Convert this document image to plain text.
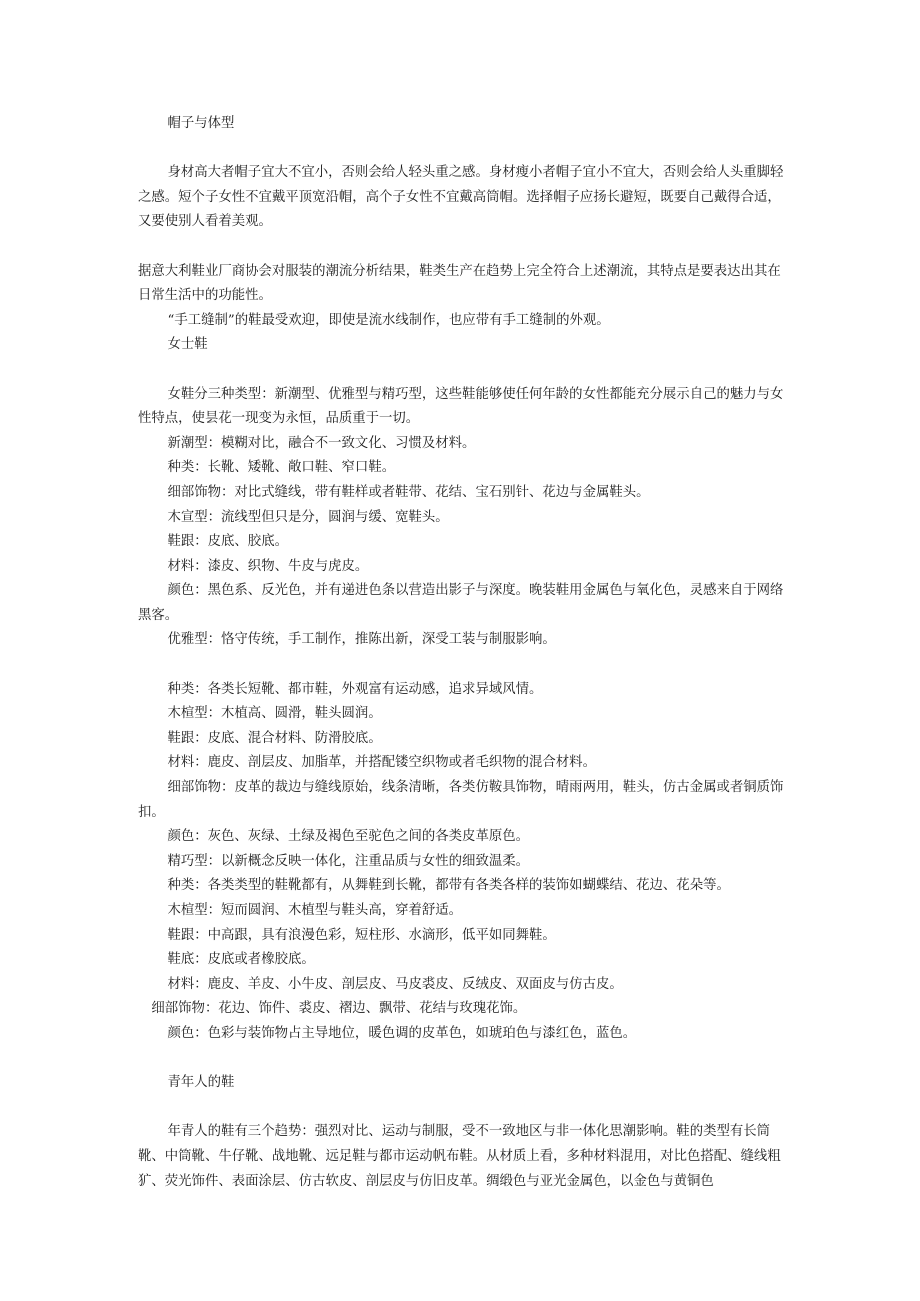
帽子与体型

身材高大者帽子宜大不宜小，否则会给人轻头重之感。身材瘦小者帽子宜小不宜大，否则会给人头重脚轻之感。短个子女性不宜戴平顶宽沿帽，高个子女性不宜戴高筒帽。选择帽子应扬长避短，既要自己戴得合适，又要使别人看着美观。

据意大利鞋业厂商协会对服装的潮流分析结果，鞋类生产在趋势上完全符合上述潮流，其特点是要表达出其在日常生活中的功能性。

“手工缝制”的鞋最受欢迎，即使是流水线制作，也应带有手工缝制的外观。

女士鞋

女鞋分三种类型：新潮型、优雅型与精巧型，这些鞋能够使任何年龄的女性都能充分展示自己的魅力与女性特点，使昙花一现变为永恒，品质重于一切。

新潮型：模糊对比，融合不一致文化、习惯及材料。

种类：长靴、矮靴、敞口鞋、窄口鞋。

细部饰物：对比式缝线，带有鞋样或者鞋带、花结、宝石别针、花边与金属鞋头。

木宣型：流线型但只是分，圆润与缓、宽鞋头。

鞋跟：皮底、胶底。

材料：漆皮、织物、牛皮与虎皮。

颜色：黑色系、反光色，并有递进色条以营造出影子与深度。晚装鞋用金属色与氧化色，灵感来自于网络黑客。

优雅型：恪守传统，手工制作，推陈出新，深受工装与制服影响。

种类：各类长短靴、都市鞋，外观富有运动感，追求异域风情。

木楦型：木植高、圆滑，鞋头圆润。

鞋跟：皮底、混合材料、防滑胶底。

材料：鹿皮、剖层皮、加脂革，并搭配镂空织物或者毛织物的混合材料。

细部饰物：皮革的裁边与缝线原始，线条清晰，各类仿鞍具饰物，晴雨两用，鞋头，仿古金属或者铜质饰扣。

颜色：灰色、灰绿、土绿及褐色至驼色之间的各类皮革原色。

精巧型：以新概念反映一体化，注重品质与女性的细致温柔。

种类：各类类型的鞋靴都有，从舞鞋到长靴，都带有各类各样的装饰如蝴蝶结、花边、花朵等。

木楦型：短而圆润、木植型与鞋头高，穿着舒适。

鞋跟：中高跟，具有浪漫色彩，短柱形、水滴形，低平如同舞鞋。

鞋底：皮底或者橡胶底。

材料：鹿皮、羊皮、小牛皮、剖层皮、马皮裘皮、反绒皮、双面皮与仿古皮。

细部饰物：花边、饰件、裘皮、褶边、飘带、花结与玫瑰花饰。

颜色：色彩与装饰物占主导地位，暖色调的皮革色，如琥珀色与漆红色，蓝色。

青年人的鞋

年青人的鞋有三个趋势：强烈对比、运动与制服，受不一致地区与非一体化思潮影响。鞋的类型有长筒靴、中筒靴、牛仔靴、战地靴、远足鞋与都市运动帆布鞋。从材质上看，多种材料混用，对比色搭配、缝线粗犷、荧光饰件、表面涂层、仿古软皮、剖层皮与仿旧皮革。绸缎色与亚光金属色，以金色与黄铜色
